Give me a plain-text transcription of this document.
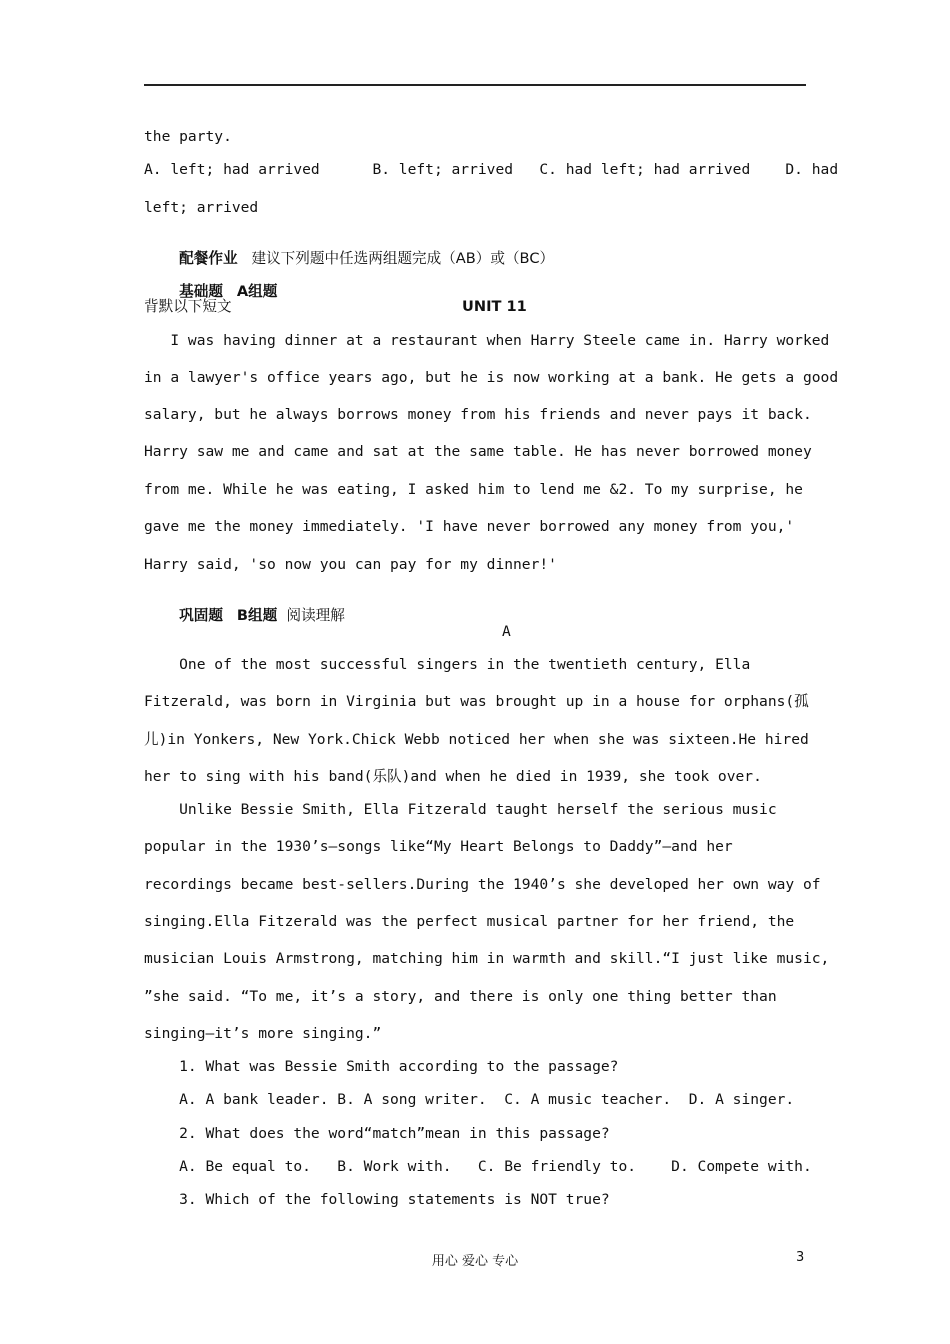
the party.
A. left; had arrived      B. left; arrived   C. had left; had arrived    D. had
left; arrived

配餐作业 建议下列题中任选两组题完成（AB）或（BC）

基础题 A组题

背默以下短文	UNIT 11
I was having dinner at a restaurant when Harry Steele came in. Harry worked
in a lawyer's office years ago, but he is now working at a bank. He gets a good
salary, but he always borrows money from his friends and never pays it back.
Harry saw me and came and sat at the same table. He has never borrowed money
from me. While he was eating, I asked him to lend me &2. To my surprise, he
gave me the money immediately. 'I have never borrowed any money from you,'
Harry said, 'so now you can pay for my dinner!'

巩固题 B组题 阅读理解

A
One of the most successful singers in the twentieth century, Ella
Fitzerald, was born in Virginia but was brought up in a house for orphans(孤
儿)in Yonkers, New York.Chick Webb noticed her when she was sixteen.He hired
her to sing with his band(乐队)and when he died in 1939, she took over.
Unlike Bessie Smith, Ella Fitzerald taught herself the serious music
popular in the 1930’s—songs like“My Heart Belongs to Daddy”—and her
recordings became best-sellers.During the 1940’s she developed her own way of
singing.Ella Fitzerald was the perfect musical partner for her friend, the
musician Louis Armstrong, matching him in warmth and skill.“I just like music,
”she said. “To me, it’s a story, and there is only one thing better than
singing—it’s more singing.”
1. What was Bessie Smith according to the passage?
A. A bank leader. B. A song writer.  C. A music teacher.  D. A singer.
2. What does the word“match”mean in this passage?
A. Be equal to.   B. Work with.   C. Be friendly to.    D. Compete with.
3. Which of the following statements is NOT true?
用心 爱心 专心	3
